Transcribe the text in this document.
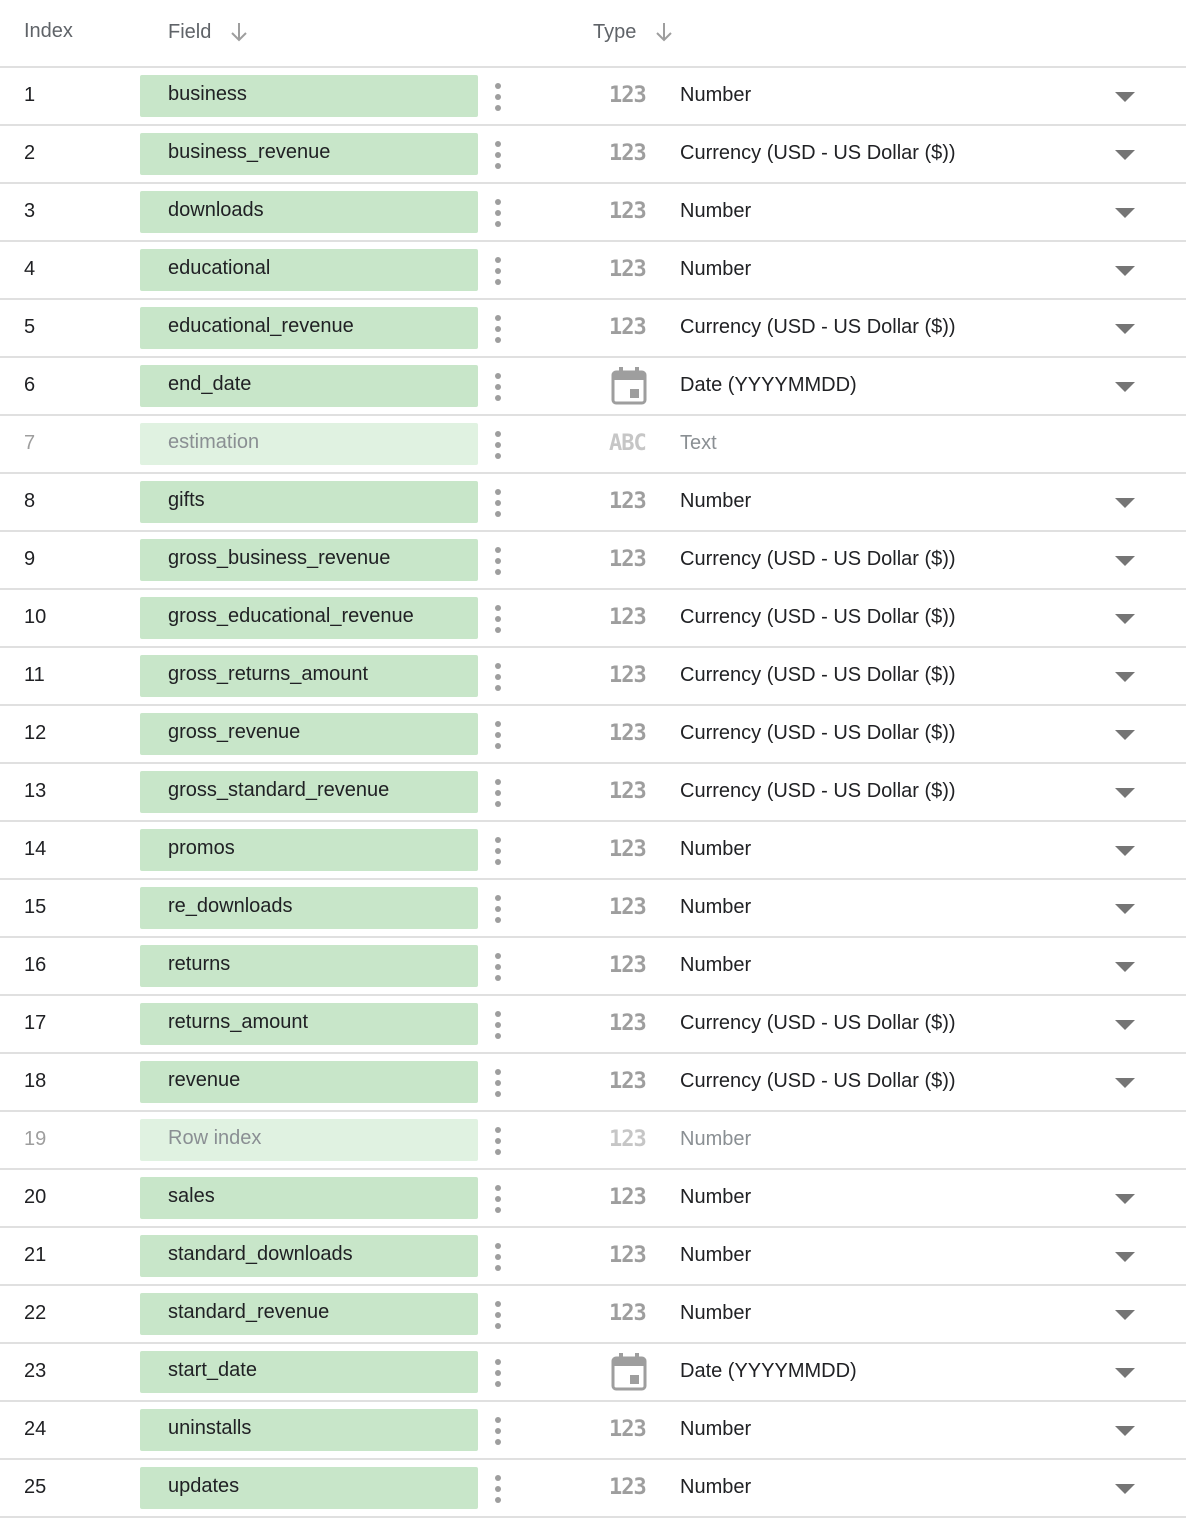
Index	Field	Type
1	business	123 Number
2	business_revenue	123 Currency (USD - US Dollar ($))
3	downloads	123 Number
4	educational	123 Number
5	educational_revenue	123 Currency (USD - US Dollar ($))
6	end_date	Date (YYYYMMDD)
7	estimation	ABC Text
8	gifts	123 Number
9	gross_business_revenue	123 Currency (USD - US Dollar ($))
10	gross_educational_revenue	123 Currency (USD - US Dollar ($))
11	gross_returns_amount	123 Currency (USD - US Dollar ($))
12	gross_revenue	123 Currency (USD - US Dollar ($))
13	gross_standard_revenue	123 Currency (USD - US Dollar ($))
14	promos	123 Number
15	re_downloads	123 Number
16	returns	123 Number
17	returns_amount	123 Currency (USD - US Dollar ($))
18	revenue	123 Currency (USD - US Dollar ($))
19	Row index	123 Number
20	sales	123 Number
21	standard_downloads	123 Number
22	standard_revenue	123 Number
23	start_date	Date (YYYYMMDD)
24	uninstalls	123 Number
25	updates	123 Number
